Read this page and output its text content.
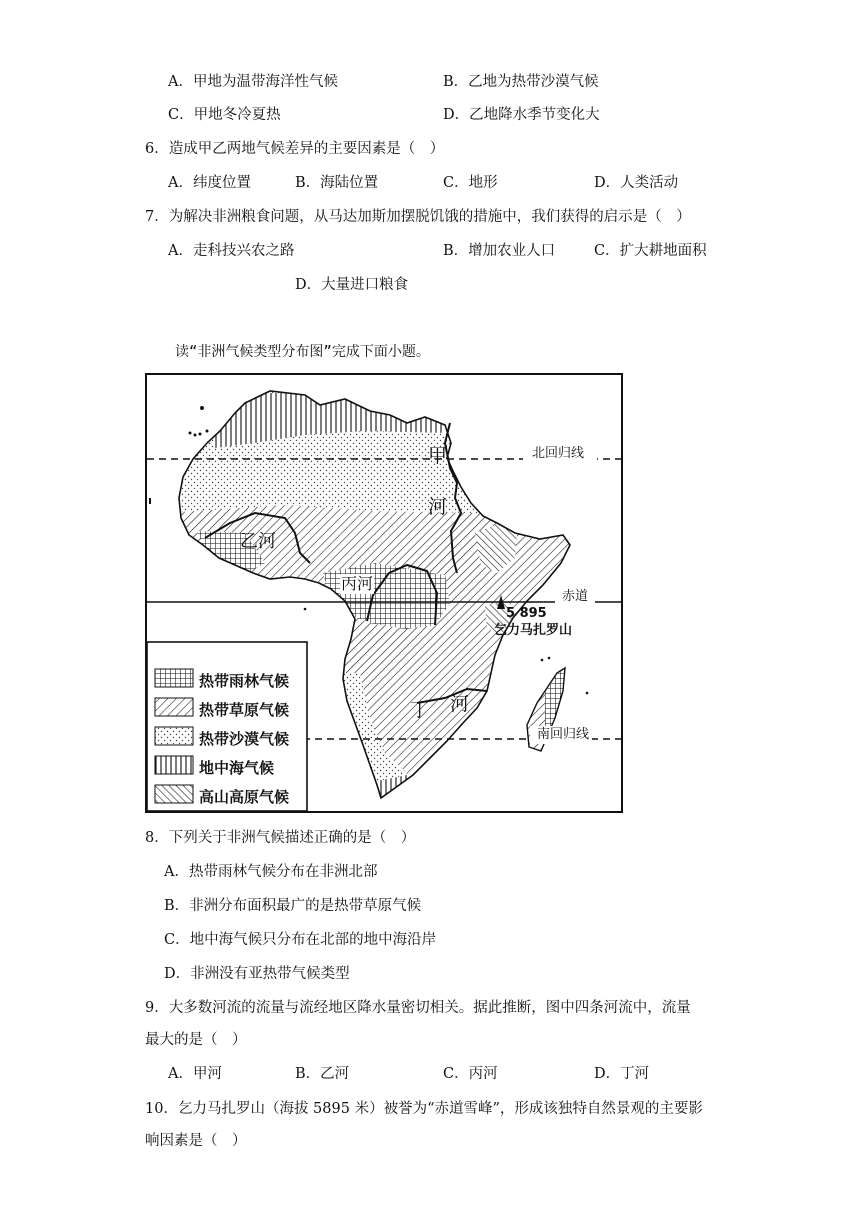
A．甲地为温带海洋性气候	B．乙地为热带沙漠气候
C．甲地冬冷夏热	D．乙地降水季节变化大
6．造成甲乙两地气候差异的主要因素是（　）
A．纬度位置	B．海陆位置	C．地形	D．人类活动
7．为解决非洲粮食问题，从马达加斯加摆脱饥饿的措施中，我们获得的启示是（　）
A．走科技兴农之路	B．增加农业人口	C．扩大耕地面积
D．大量进口粮食
读“非洲气候类型分布图”完成下面小题。
北回归线
赤道
南回归线
甲
河
乙河
丙河
丁 河
5 895
乞力马扎罗山
热带雨林气候
热带草原气候
热带沙漠气候
地中海气候
高山高原气候
8．下列关于非洲气候描述正确的是（　）
A．热带雨林气候分布在非洲北部
B．非洲分布面积最广的是热带草原气候
C．地中海气候只分布在北部的地中海沿岸
D．非洲没有亚热带气候类型
9．大多数河流的流量与流经地区降水量密切相关。据此推断，图中四条河流中，流量
最大的是（　）
A．甲河	B．乙河	C．丙河	D．丁河
10．乞力马扎罗山（海拔 5895 米）被誉为“赤道雪峰”，形成该独特自然景观的主要影
响因素是（　）
